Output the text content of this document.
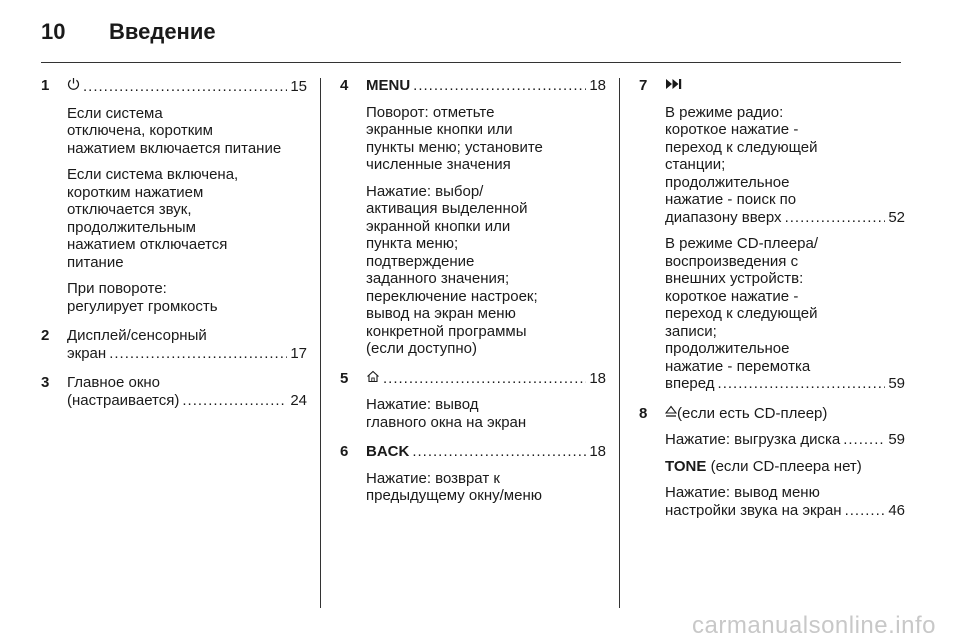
10	Введение
1 .....	15
Если система
отключена, коротким
нажатием включается питание
Если система включена,
коротким нажатием
отключается звук,
продолжительным
нажатием отключается
питание
При повороте:
регулирует громкость
2 Дисплей/сенсорный
экран .....	17
3 Главное окно
(настраивается) .....	24
4 MENU .....	18
Поворот: отметьте
экранные кнопки или
пункты меню; установите
численные значения
Нажатие: выбор/
активация выделенной
экранной кнопки или
пункта меню;
подтверждение
заданного значения;
переключение настроек;
вывод на экран меню
конкретной программы
(если доступно)
5 .....	18
Нажатие: вывод
главного окна на экран
6 BACK .....	18
Нажатие: возврат к
предыдущему окну/меню
7
В режиме радио:
короткое нажатие -
переход к следующей
станции;
продолжительное
нажатие - поиск по
диапазону вверх .....	52
В режиме CD-плеера/
воспроизведения с
внешних устройств:
короткое нажатие -
переход к следующей
записи;
продолжительное
нажатие - перемотка
вперед .....	59
8 (если есть CD-плеер)
Нажатие: выгрузка диска .....	59
TONE (если CD-плеера нет)
Нажатие: вывод меню
настройки звука на экран .....	46
carmanualsonline.info
